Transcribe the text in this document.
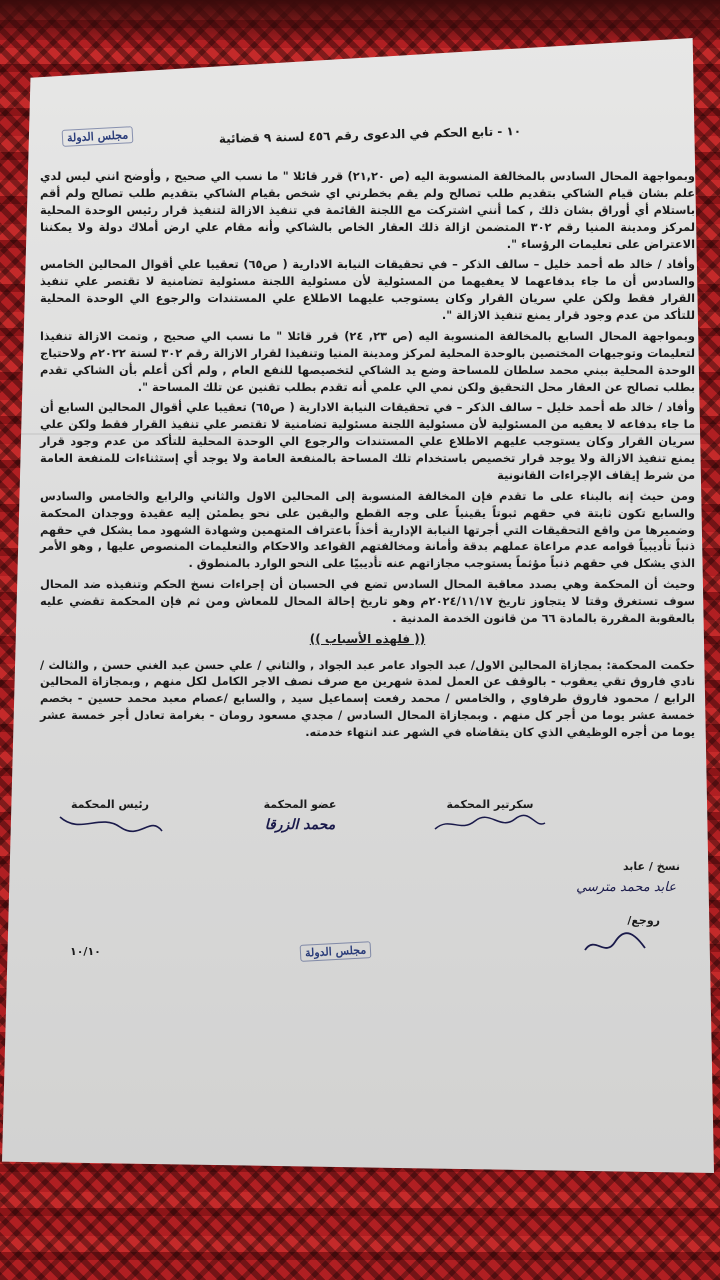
مجلس الدولة	١٠ - تابع الحكم في الدعوى رقم ٤٥٦ لسنة ٩ قضائية

وبمواجهة المحال السادس بالمخالفة المنسوبة اليه (ص ٢١,٢٠) قرر قائلا " ما نسب الي صحيح , وأوضح انني ليس لدي علم بشان قيام الشاكي بتقديم طلب تصالح ولم يقم بخطرني اي شخص بقيام الشاكي بتقديم طلب تصالح ولم أقم باستلام أي أوراق بشان ذلك , كما أنني اشتركت مع اللجنة القائمة في تنفيذ الازالة لتنفيذ قرار رئيس الوحدة المحلية لمركز ومدينة المنيا رقم ٣٠٢ المتضمن ازالة ذلك العقار الخاص بالشاكي وأنه مقام علي ارض أملاك دولة ولا يمكننا الاعتراض على تعليمات الرؤساء ".

وأفاد / خالد طه أحمد خليل – سالف الذكر – في تحقيقات النيابة الادارية ( ص٦٥) تعقيبا علي أقوال المحالين الخامس والسادس أن ما جاء بدفاعهما لا يعفيهما من المسئولية لأن مسئولية اللجنة مسئولية تضامنية لا تقتصر علي تنفيذ القرار فقط ولكن علي سريان القرار وكان يستوجب عليهما الاطلاع علي المستندات والرجوع الي الوحدة المحلية للتأكد من عدم وجود قرار يمنع تنفيذ الازالة ".

وبمواجهة المحال السابع بالمخالفة المنسوبة اليه (ص ٢٣, ٢٤) قرر قائلا " ما نسب الي صحيح , وتمت الازالة تنفيذا لتعليمات وتوجيهات المختصين بالوحدة المحلية لمركز ومدينة المنيا وتنفيذا لقرار الازالة رقم ٣٠٢ لسنة ٢٠٢٢م ولاحتياج الوحدة المحلية ببني محمد سلطان للمساحة وضع يد الشاكي لتخصيصها للنفع العام , ولم أكن أعلم بأن الشاكي تقدم بطلب تصالح عن العقار محل التحقيق ولكن نمي الي علمي أنه تقدم بطلب تقنين عن تلك المساحة ".

وأفاد / خالد طه أحمد خليل – سالف الذكر – في تحقيقات النيابة الادارية ( ص٦٥) تعقيبا علي أقوال المحالين السابع أن ما جاء بدفاعه لا يعفيه من المسئولية لأن مسئولية اللجنة مسئولية تضامنية لا تقتصر علي تنفيذ القرار فقط ولكن علي سريان القرار وكان يستوجب عليهم الاطلاع علي المستندات والرجوع الي الوحدة المحلية للتأكد من عدم وجود قرار يمنع تنفيذ الازالة ولا يوجد قرار تخصيص باستخدام تلك المساحة بالمنفعة العامة ولا يوجد أي إستثناءات للمنفعة العامة من شرط إيقاف الإجراءات القانونية

ومن حيث إنه بالبناء على ما تقدم فإن المخالفة المنسوبة إلى المحالين الاول والثاني والرابع والخامس والسادس والسابع تكون ثابتة في حقهم ثبوتاً يقينياً على وجه القطع واليقين على نحو يطمئن إليه عقيدة ووجدان المحكمة وضميرها من واقع التحقيقات التي أجرتها النيابة الإدارية أخذاً باعتراف المتهمين وشهادة الشهود مما يشكل في حقهم ذنباً تأديبياً قوامه عدم مراعاة عملهم بدقة وأمانة ومخالفتهم القواعد والاحكام والتعليمات المنصوص عليها , وهو الأمر الذي يشكل في حقهم ذنباً مؤثماً يستوجب مجازاتهم عنه تأديبيًا على النحو الوارد بالمنطوق .

وحيث أن المحكمة وهي بصدد معاقبة المحال السادس تضع في الحسبان أن إجراءات نسخ الحكم وتنفيذه ضد المحال سوف تستغرق وقتا لا يتجاوز تاريخ ٢٠٢٤/١١/١٧م وهو تاريخ إحالة المحال للمعاش ومن ثم فإن المحكمة تقضي عليه بالعقوبة المقررة بالمادة ٦٦ من قانون الخدمة المدنية .

(( فلهذه الأسباب ))

حكمت المحكمة: بمجازاة المحالين الاول/ عبد الجواد عامر عبد الجواد , والثاني / علي حسن عبد الغني حسن , والثالث / نادي فاروق تقي يعقوب - بالوقف عن العمل لمدة شهرين مع صرف نصف الاجر الكامل لكل منهم , وبمجازاة المحالين الرابع / محمود فاروق طرفاوي , والخامس / محمد رفعت إسماعيل سيد , والسابع /عصام معبد محمد حسين - بخصم خمسة عشر يوما من أجر كل منهم . وبمجازاة المحال السادس / مجدي مسعود رومان - بغرامة تعادل أجر خمسة عشر يوما من أجره الوظيفي الذي كان يتقاضاه في الشهر عند انتهاء خدمته.

سكرتير المحكمة
عضو المحكمة
محمد الزرقا
رئيس المحكمة
نسخ / عابد
عابد محمد مترسي
روجع/
مجلس الدولة
١٠/١٠
